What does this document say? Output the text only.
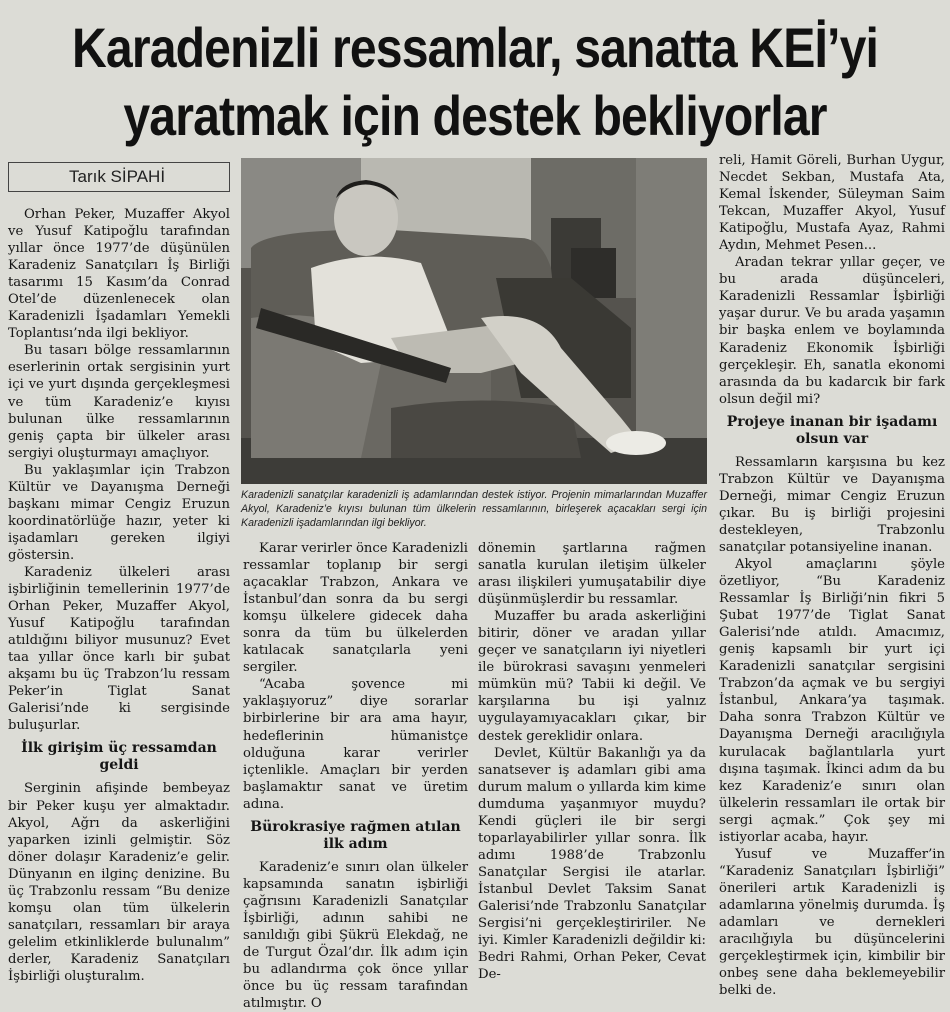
Karadenizli ressamlar, sanatta KEİ’yi
yaratmak için destek bekliyorlar
Tarık SİPAHİ

Orhan Peker, Muzaffer Akyol ve Yusuf Katipoğlu tarafından yıllar önce 1977’de düşünülen Karadeniz Sanatçıları İş Birliği tasarımı 15 Kasım’da Conrad Otel’de düzenlenecek olan Karadenizli İşadamları Yemekli Toplantısı’nda ilgi bekliyor.

Bu tasarı bölge ressamlarının eserlerinin ortak sergisinin yurt içi ve yurt dışında gerçekleşmesi ve tüm Karadeniz’e kıyısı bulunan ülke ressamlarının geniş çapta bir ülkeler arası sergiyi oluşturmayı amaçlıyor.

Bu yaklaşımlar için Trabzon Kültür ve Dayanışma Derneği başkanı mimar Cengiz Eruzun koordinatörlüğe hazır, yeter ki işadamları gereken ilgiyi göstersin.

Karadeniz ülkeleri arası işbirliğinin temellerinin 1977’de Orhan Peker, Muzaffer Akyol, Yusuf Katipoğlu tarafından atıldığını biliyor musunuz? Evet taa yıllar önce karlı bir şubat akşamı bu üç Trabzon’lu ressam Peker’in Tiglat Sanat Galerisi’nde ki sergisinde buluşurlar.

İlk girişim üç ressamdan geldi

Serginin afişinde bembeyaz bir Peker kuşu yer almaktadır. Akyol, Ağrı da askerliğini yaparken izinli gelmiştir. Söz döner dolaşır Karadeniz’e gelir. Dünyanın en ilginç denizine. Bu üç Trabzonlu ressam “Bu denize komşu olan tüm ülkelerin sanatçıları, ressamları bir araya gelelim etkinliklerde bulunalım” derler, Karadeniz Sanatçıları İşbirliği oluşturalım.

Karadenizli sanatçılar karadenizli iş adamlarından destek istiyor. Projenin mimarlarından Muzaffer Akyol, Karadeniz’e kıyısı bulunan tüm ülkelerin ressamlarının, birleşerek açacakları sergi için Karadenizli işadamlarından ilgi bekliyor.

Karar verirler önce Karadenizli ressamlar toplanıp bir sergi açacaklar Trabzon, Ankara ve İstanbul’dan sonra da bu sergi komşu ülkelere gidecek daha sonra da tüm bu ülkelerden katılacak sanatçılarla yeni sergiler.

“Acaba şovence mi yaklaşıyoruz” diye sorarlar birbirlerine bir ara ama hayır, hedeflerinin hümanistçe olduğuna karar verirler içtenlikle. Amaçları bir yerden başlamaktır sanat ve üretim adına.

Bürokrasiye rağmen atılan ilk adım

Karadeniz’e sınırı olan ülkeler kapsamında sanatın işbirliği çağrısını Karadenizli Sanatçılar İşbirliği, adının sahibi ne sanıldığı gibi Şükrü Elekdağ, ne de Turgut Özal’dır. İlk adım için bu adlandırma çok önce yıllar önce bu üç ressam tarafından atılmıştır. O

dönemin şartlarına rağmen sanatla kurulan iletişim ülkeler arası ilişkileri yumuşatabilir diye düşünmüşlerdir bu ressamlar.

Muzaffer bu arada askerliğini bitirir, döner ve aradan yıllar geçer ve sanatçıların iyi niyetleri ile bürokrasi savaşını yenmeleri mümkün mü? Tabii ki değil. Ve karşılarına bu işi yalnız uygulayamıyacakları çıkar, bir destek gereklidir onlara.

Devlet, Kültür Bakanlığı ya da sanatsever iş adamları gibi ama durum malum o yıllarda kim kime dumduma yaşanmıyor muydu? Kendi güçleri ile bir sergi toparlayabilirler yıllar sonra. İlk adımı 1988’de Trabzonlu Sanatçılar Sergisi ile atarlar. İstanbul Devlet Taksim Sanat Galerisi’nde Trabzonlu Sanatçılar Sergisi’ni gerçekleştiririler. Ne iyi. Kimler Karadenizli değildir ki: Bedri Rahmi, Orhan Peker, Cevat De-

reli, Hamit Göreli, Burhan Uygur, Necdet Sekban, Mustafa Ata, Kemal İskender, Süleyman Saim Tekcan, Muzaffer Akyol, Yusuf Katipoğlu, Mustafa Ayaz, Rahmi Aydın, Mehmet Pesen...

Aradan tekrar yıllar geçer, ve bu arada düşünceleri, Karadenizli Ressamlar İşbirliği yaşar durur. Ve bu arada yaşamın bir başka enlem ve boylamında Karadeniz Ekonomik İşbirliği gerçekleşir. Eh, sanatla ekonomi arasında da bu kadarcık bir fark olsun değil mi?

Projeye inanan bir işadamı olsun var

Ressamların karşısına bu kez Trabzon Kültür ve Dayanışma Derneği, mimar Cengiz Eruzun çıkar. Bu iş birliği projesini destekleyen, Trabzonlu sanatçılar potansiyeline inanan.

Akyol amaçlarını şöyle özetliyor, “Bu Karadeniz Ressamlar İş Birliği’nin fikri 5 Şubat 1977’de Tiglat Sanat Galerisi’nde atıldı. Amacımız, geniş kapsamlı bir yurt içi Karadenizli sanatçılar sergisini Trabzon’da açmak ve bu sergiyi İstanbul, Ankara’ya taşımak. Daha sonra Trabzon Kültür ve Dayanışma Derneği aracılığıyla kurulacak bağlantılarla yurt dışına taşımak. İkinci adım da bu kez Karadeniz’e sınırı olan ülkelerin ressamları ile ortak bir sergi açmak.” Çok şey mi istiyorlar acaba, hayır.

Yusuf ve Muzaffer’in “Karadeniz Sanatçıları İşbirliği” önerileri artık Karadenizli iş adamlarına yönelmiş durumda. İş adamları ve dernekleri aracılığıyla bu düşüncelerini gerçekleştirmek için, kimbilir bir onbeş sene daha beklemeyebilir belki de.
